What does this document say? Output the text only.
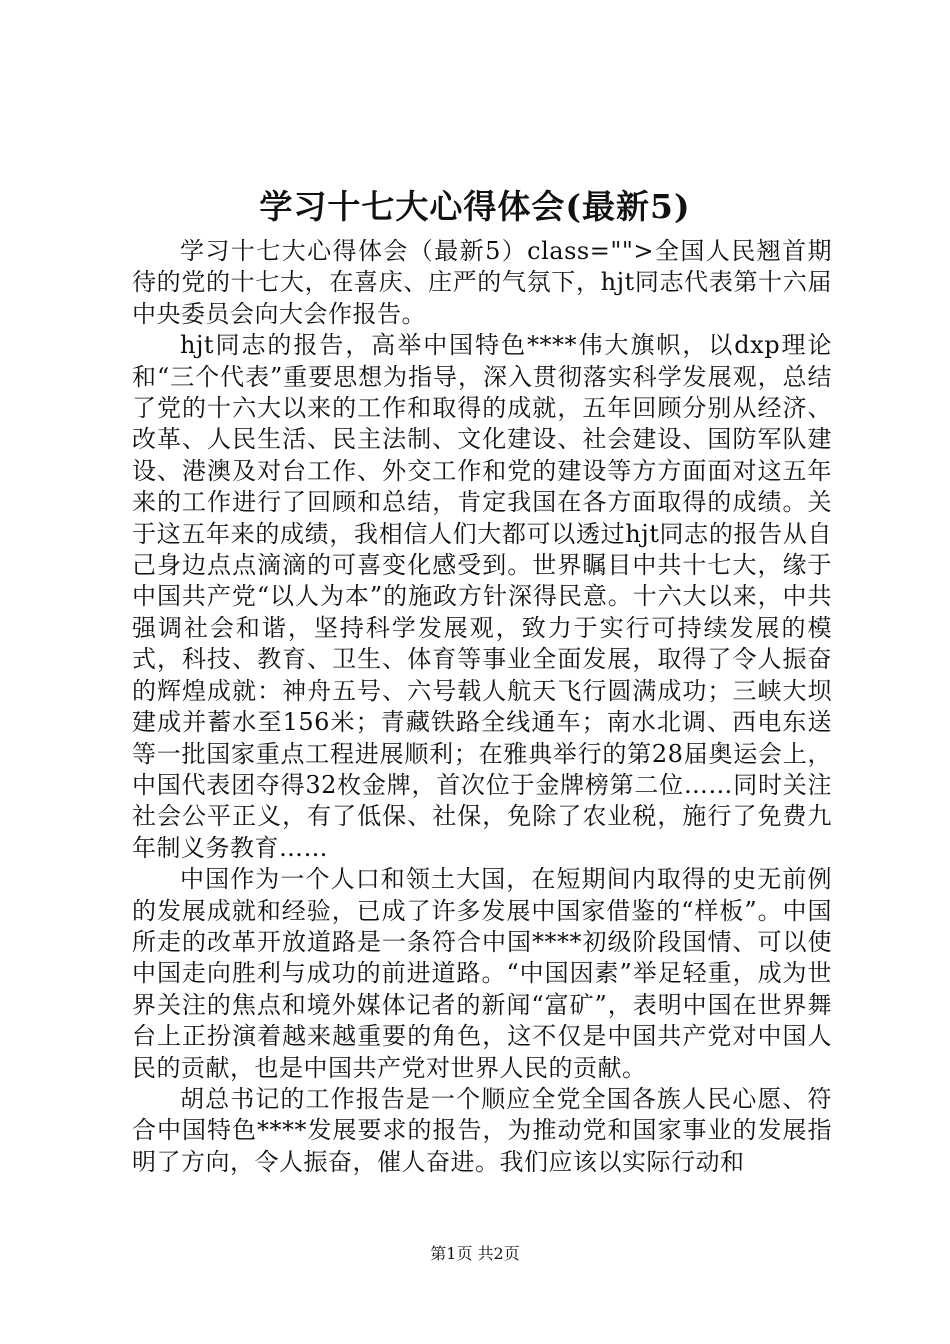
学习十七大心得体会(最新5)

学习十七大心得体会（最新5）class="">全国人民翘首期待的党的十七大，在喜庆、庄严的气氛下，hjt同志代表第十六届中央委员会向大会作报告。

hjt同志的报告，高举中国特色****伟大旗帜，以dxp理论和“三个代表”重要思想为指导，深入贯彻落实科学发展观，总结了党的十六大以来的工作和取得的成就，五年回顾分别从经济、改革、人民生活、民主法制、文化建设、社会建设、国防军队建设、港澳及对台工作、外交工作和党的建设等方方面面对这五年来的工作进行了回顾和总结，肯定我国在各方面取得的成绩。关于这五年来的成绩，我相信人们大都可以透过hjt同志的报告从自己身边点点滴滴的可喜变化感受到。世界瞩目中共十七大，缘于中国共产党“以人为本”的施政方针深得民意。十六大以来，中共强调社会和谐，坚持科学发展观，致力于实行可持续发展的模式，科技、教育、卫生、体育等事业全面发展，取得了令人振奋的辉煌成就：神舟五号、六号载人航天飞行圆满成功；三峡大坝建成并蓄水至156米；青藏铁路全线通车；南水北调、西电东送等一批国家重点工程进展顺利；在雅典举行的第28届奥运会上，中国代表团夺得32枚金牌，首次位于金牌榜第二位……同时关注社会公平正义，有了低保、社保，免除了农业税，施行了免费九年制义务教育……

中国作为一个人口和领土大国，在短期间内取得的史无前例的发展成就和经验，已成了许多发展中国家借鉴的“样板”。中国所走的改革开放道路是一条符合中国****初级阶段国情、可以使中国走向胜利与成功的前进道路。“中国因素”举足轻重，成为世界关注的焦点和境外媒体记者的新闻“富矿”，表明中国在世界舞台上正扮演着越来越重要的角色，这不仅是中国共产党对中国人民的贡献，也是中国共产党对世界人民的贡献。

胡总书记的工作报告是一个顺应全党全国各族人民心愿、符合中国特色****发展要求的报告，为推动党和国家事业的发展指明了方向，令人振奋，催人奋进。我们应该以实际行动和

第1页 共2页
